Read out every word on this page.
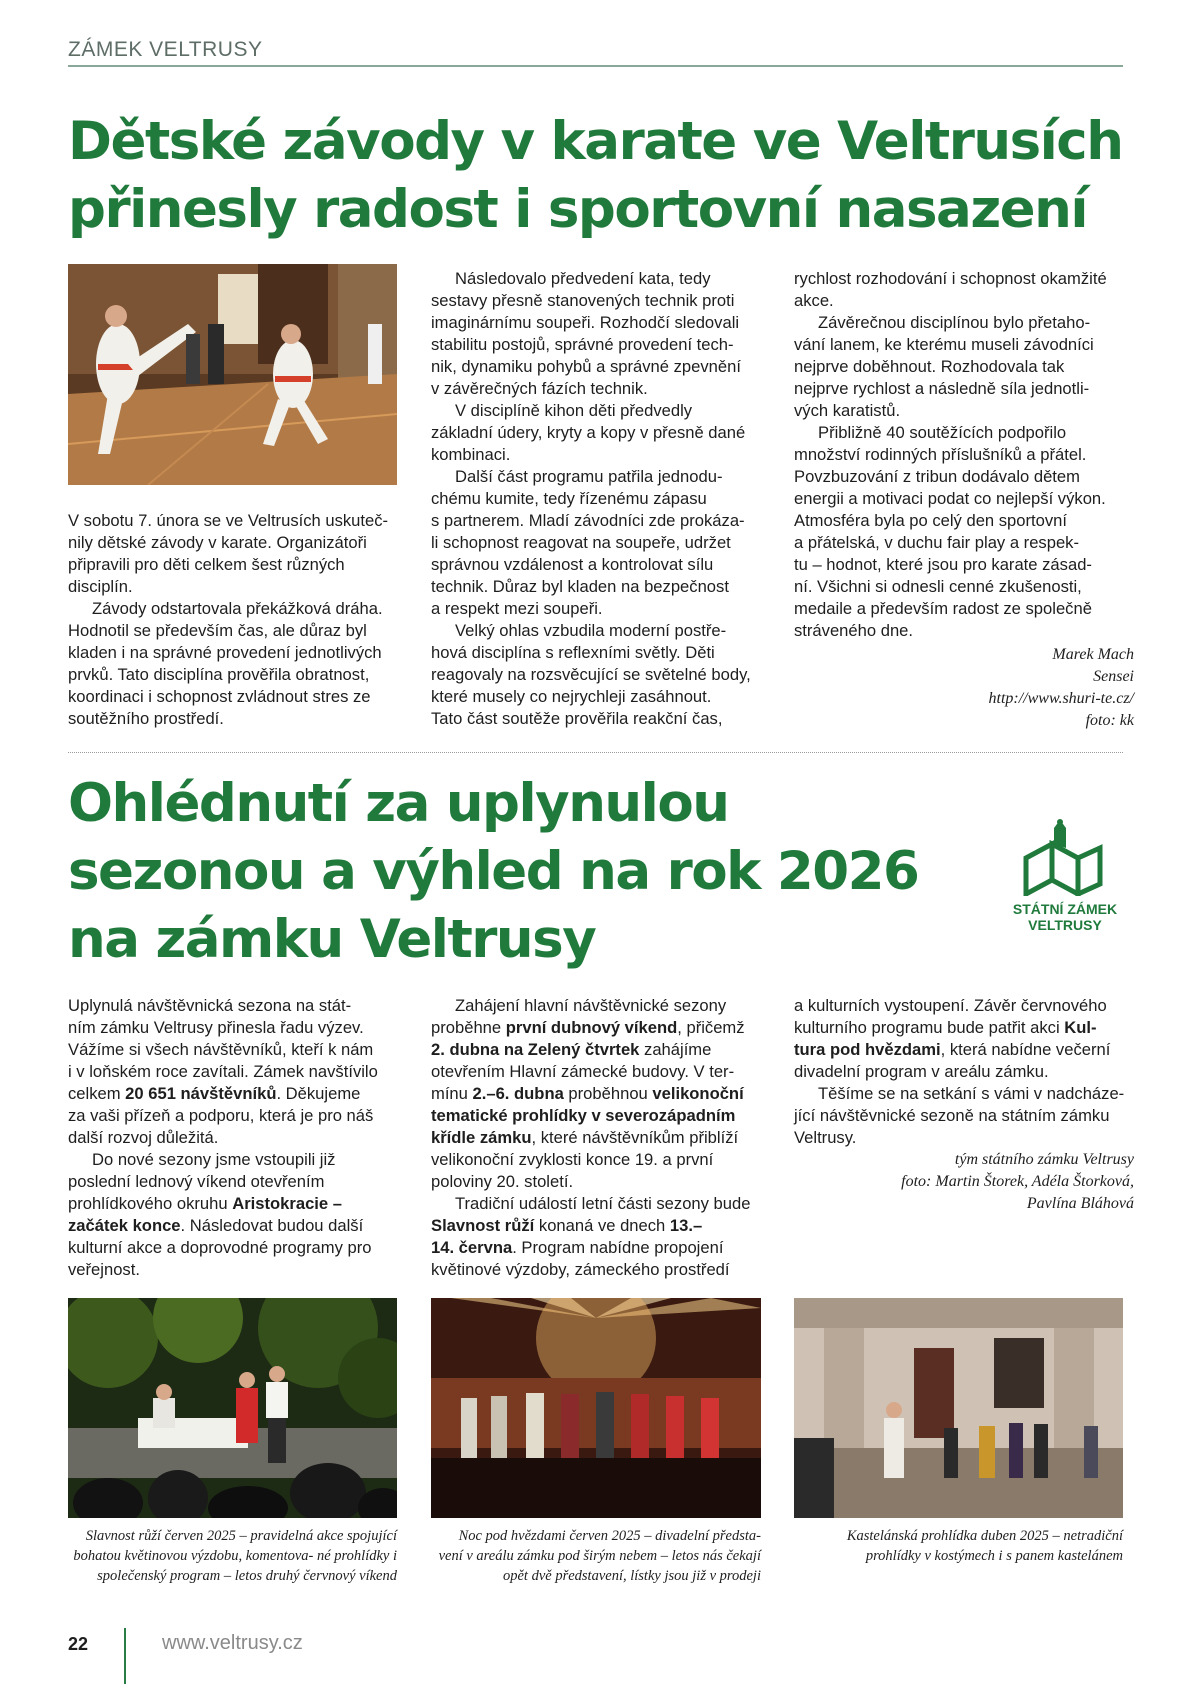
ZÁMEK VELTRUSY
Dětské závody v karate ve Veltrusích
přinesly radost i sportovní nasazení

V sobotu 7. února se ve Veltrusích uskuteč-
nily dětské závody v karate. Organizátoři
připravili pro děti celkem šest různých
disciplín.

Závody odstartovala překážková dráha.
Hodnotil se především čas, ale důraz byl
kladen i na správné provedení jednotlivých
prvků. Tato disciplína prověřila obratnost,
koordinaci i schopnost zvládnout stres ze
soutěžního prostředí.

Následovalo předvedení kata, tedy
sestavy přesně stanovených technik proti
imaginárnímu soupeři. Rozhodčí sledovali
stabilitu postojů, správné provedení tech-
nik, dynamiku pohybů a správné zpevnění
v závěrečných fázích technik.

V disciplíně kihon děti předvedly
základní údery, kryty a kopy v přesně dané
kombinaci.

Další část programu patřila jednodu-
chému kumite, tedy řízenému zápasu
s partnerem. Mladí závodníci zde prokáza-
li schopnost reagovat na soupeře, udržet
správnou vzdálenost a kontrolovat sílu
technik. Důraz byl kladen na bezpečnost
a respekt mezi soupeři.

Velký ohlas vzbudila moderní postře-
hová disciplína s reflexními světly. Děti
reagovaly na rozsvěcující se světelné body,
které musely co nejrychleji zasáhnout.
Tato část soutěže prověřila reakční čas,

rychlost rozhodování i schopnost okamžité
akce.

Závěrečnou disciplínou bylo přetaho-
vání lanem, ke kterému museli závodníci
nejprve doběhnout. Rozhodovala tak
nejprve rychlost a následně síla jednotli-
vých karatistů.

Přibližně 40 soutěžících podpořilo
množství rodinných příslušníků a přátel.
Povzbuzování z tribun dodávalo dětem
energii a motivaci podat co nejlepší výkon.
Atmosféra byla po celý den sportovní
a přátelská, v duchu fair play a respek-
tu – hodnot, které jsou pro karate zásad-
ní. Všichni si odnesli cenné zkušenosti,
medaile a především radost ze společně
stráveného dne.

Marek Mach
Sensei
http://www.shuri-te.cz/
foto: kk
Ohlédnutí za uplynulou
sezonou a výhled na rok 2026
na zámku Veltrusy	STÁTNÍ ZÁMEK
VELTRUSY

Uplynulá návštěvnická sezona na stát-
ním zámku Veltrusy přinesla řadu výzev.
Vážíme si všech návštěvníků, kteří k nám
i v loňském roce zavítali. Zámek navštívilo
celkem 20 651 návštěvníků. Děkujeme
za vaši přízeň a podporu, která je pro náš
další rozvoj důležitá.

Do nové sezony jsme vstoupili již
poslední lednový víkend otevřením
prohlídkového okruhu Aristokracie –
začátek konce. Následovat budou další
kulturní akce a doprovodné programy pro
veřejnost.

Zahájení hlavní návštěvnické sezony
proběhne první dubnový víkend, přičemž
2. dubna na Zelený čtvrtek zahájíme
otevřením Hlavní zámecké budovy. V ter-
mínu 2.–6. dubna proběhnou velikonoční
tematické prohlídky v severozápadním
křídle zámku, které návštěvníkům přiblíží
velikonoční zvyklosti konce 19. a první
poloviny 20. století.

Tradiční událostí letní části sezony bude
Slavnost růží konaná ve dnech 13.–
14. června. Program nabídne propojení
květinové výzdoby, zámeckého prostředí

a kulturních vystoupení. Závěr červnového
kulturního programu bude patřit akci Kul-
tura pod hvězdami, která nabídne večerní
divadelní program v areálu zámku.

Těšíme se na setkání s vámi v nadcháze-
jící návštěvnické sezoně na státním zámku
Veltrusy.

tým státního zámku Veltrusy
foto: Martin Štorek, Adéla Štorková,
Pavlína Bláhová
Slavnost růží červen 2025 – pravidelná akce spojující bohatou květinovou výzdobu, komentova- né prohlídky i společenský program – letos druhý červnový víkend
Noc pod hvězdami červen 2025 – divadelní předsta- vení v areálu zámku pod širým nebem – letos nás čekají opět dvě představení, lístky jsou již v prodeji
Kastelánská prohlídka duben 2025 – netradiční prohlídky v kostýmech i s panem kastelánem
22	www.veltrusy.cz
